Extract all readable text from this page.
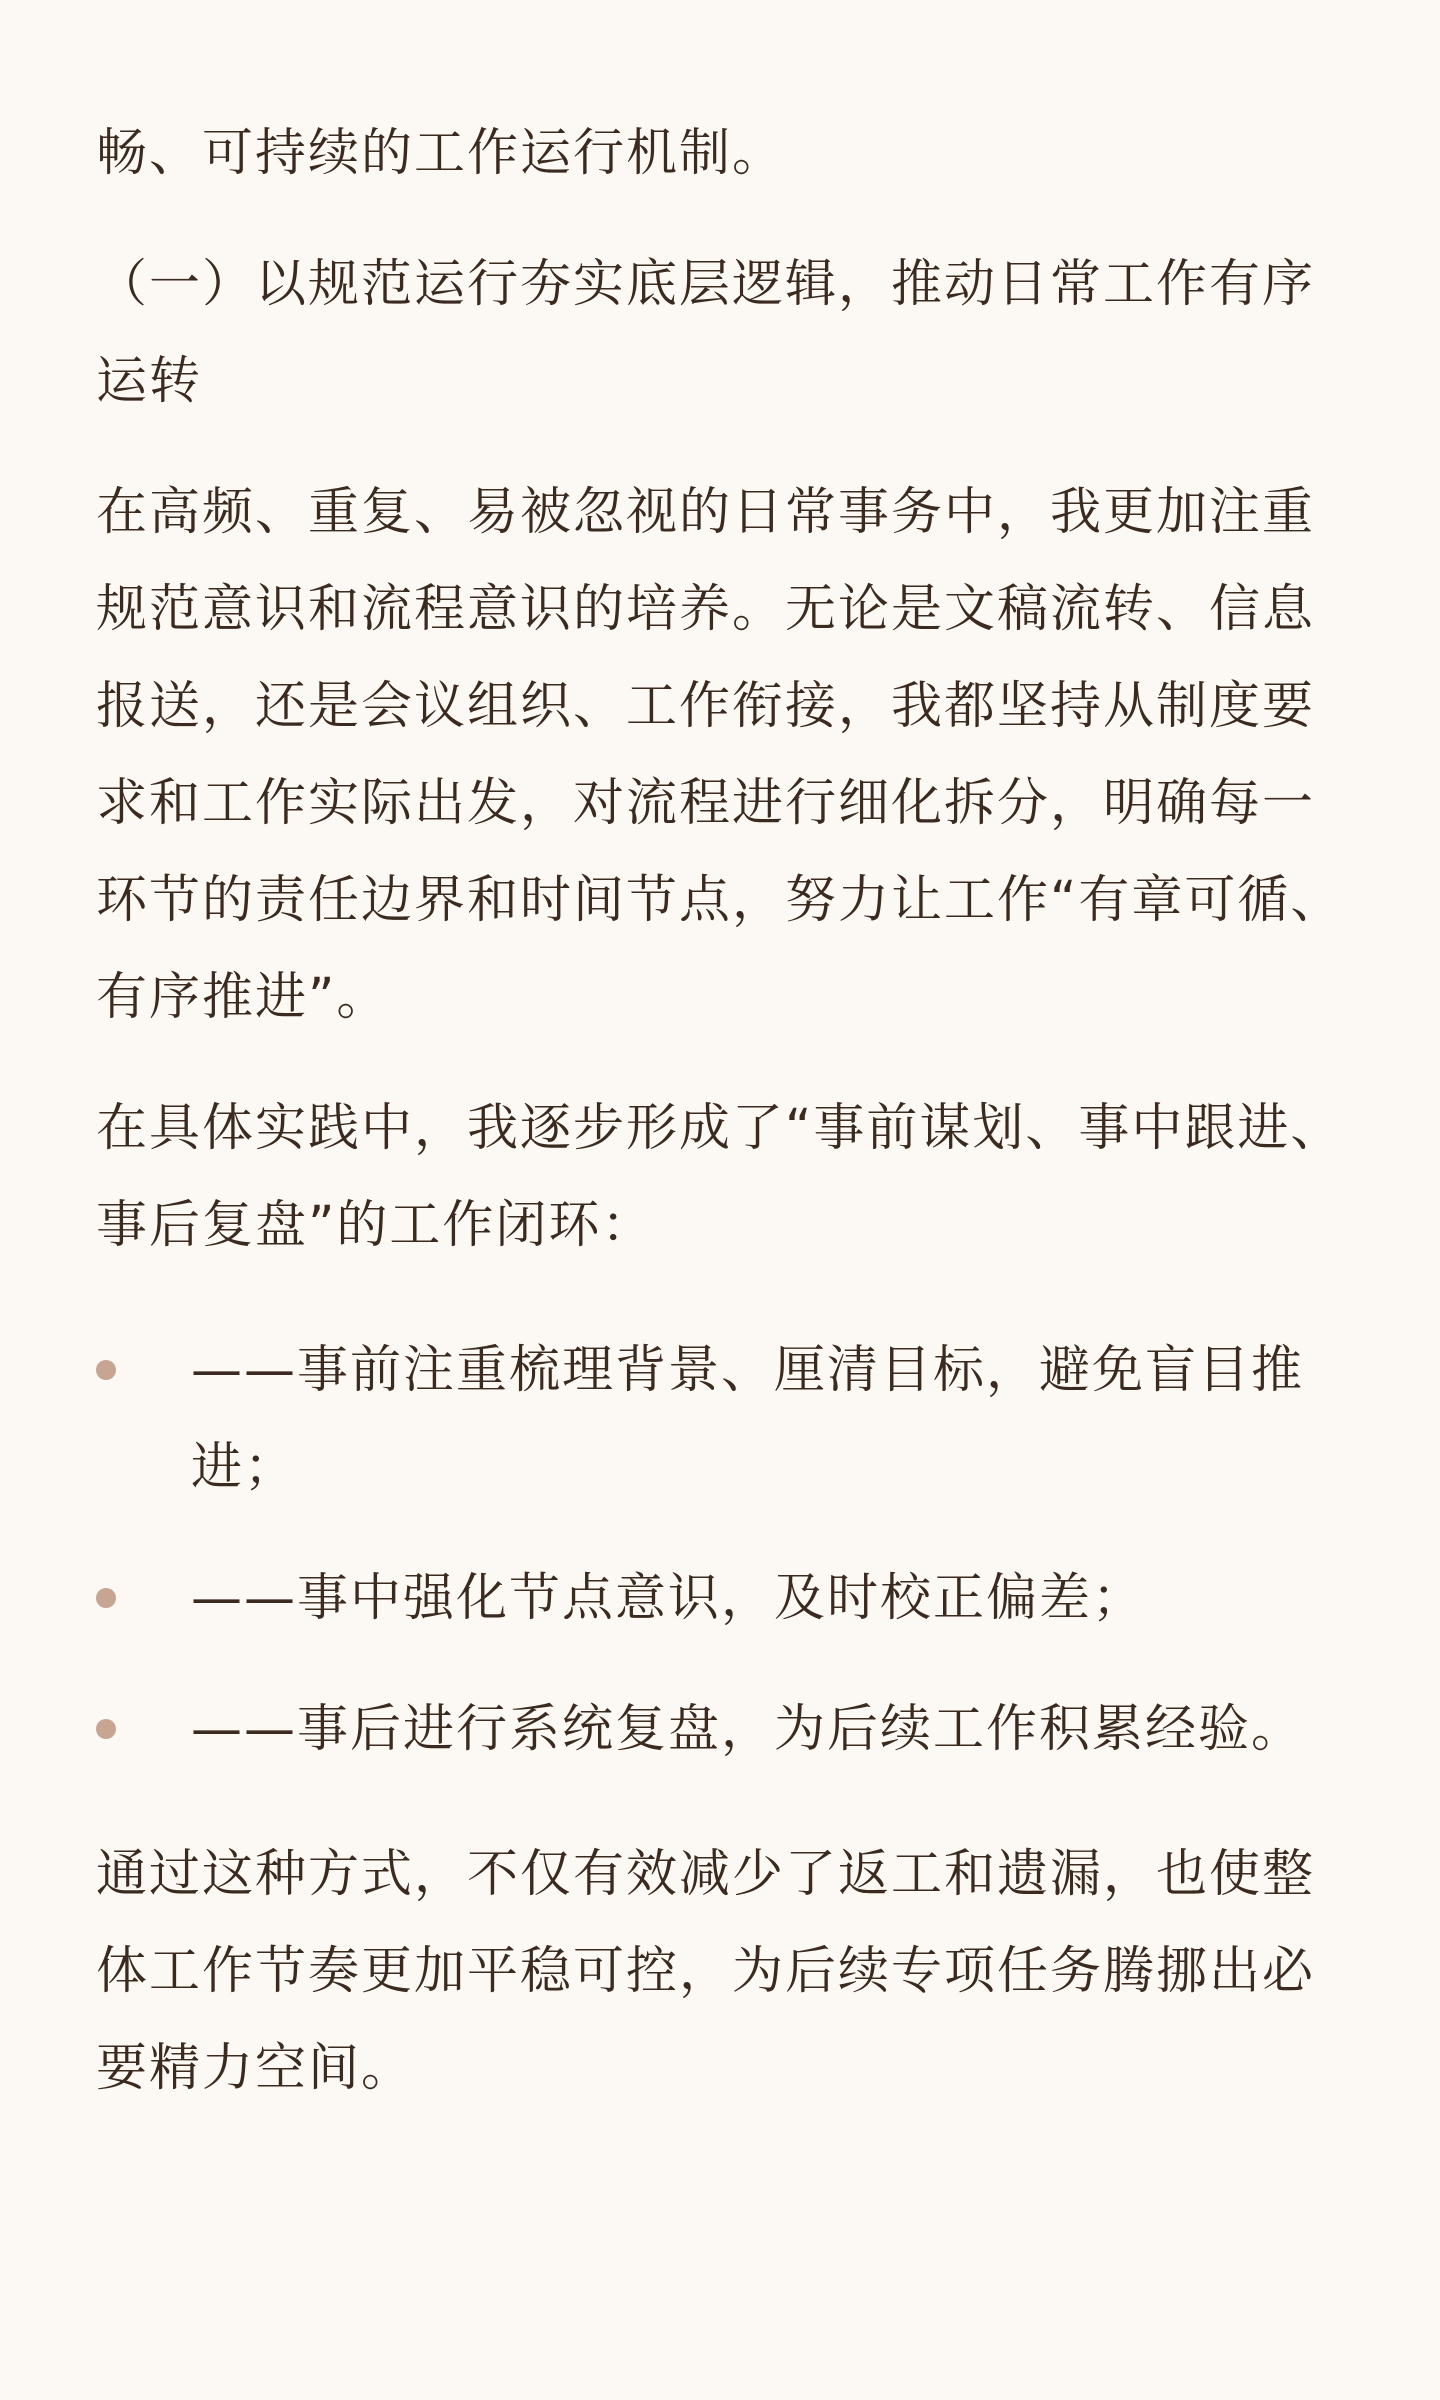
畅、可持续的工作运行机制。

（一）以规范运行夯实底层逻辑，推动日常工作有序运转

在高频、重复、易被忽视的日常事务中，我更加注重规范意识和流程意识的培养。无论是文稿流转、信息报送，还是会议组织、工作衔接，我都坚持从制度要求和工作实际出发，对流程进行细化拆分，明确每一环节的责任边界和时间节点，努力让工作“有章可循、有序推进”。

在具体实践中，我逐步形成了“事前谋划、事中跟进、事后复盘”的工作闭环：

——事前注重梳理背景、厘清目标，避免盲目推进；
——事中强化节点意识，及时校正偏差；
——事后进行系统复盘，为后续工作积累经验。

通过这种方式，不仅有效减少了返工和遗漏，也使整体工作节奏更加平稳可控，为后续专项任务腾挪出必要精力空间。
